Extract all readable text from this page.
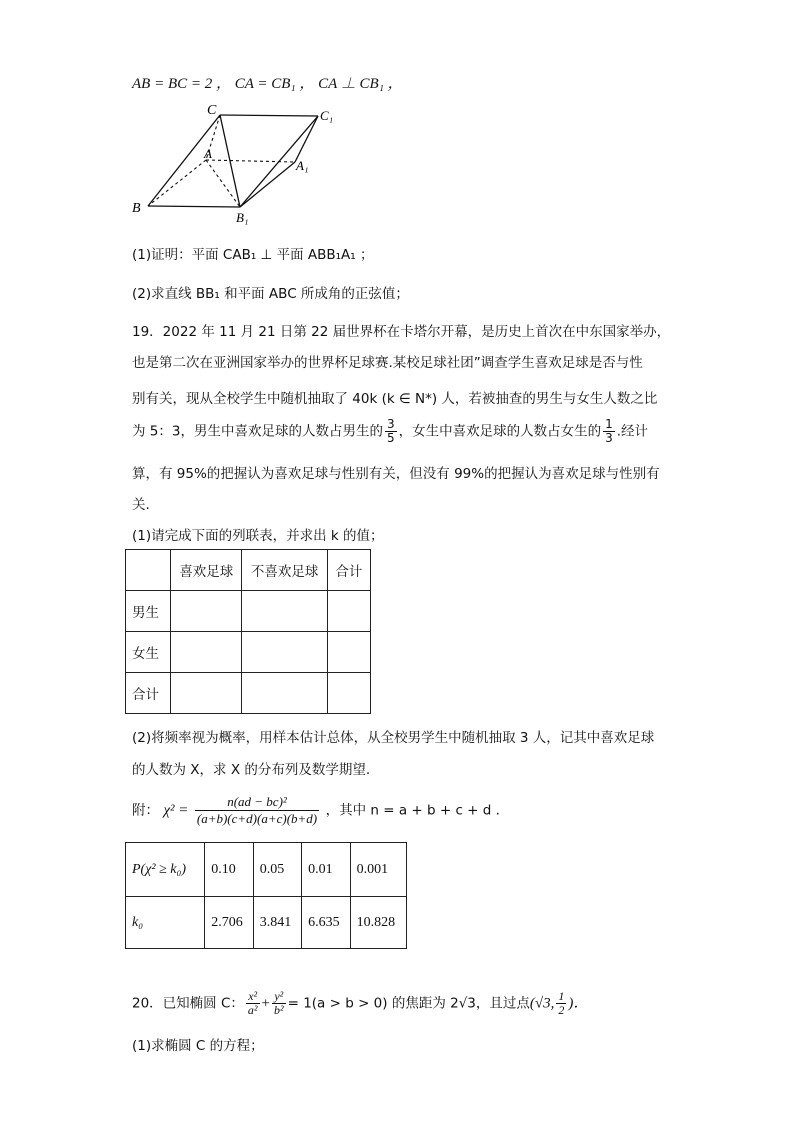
AB = BC = 2 ， CA = CB₁ ， CA ⊥ CB₁ ，
C	C₁
A
A₁
B
B₁
(1)证明：平面 CAB₁ ⊥ 平面 ABB₁A₁ ；
(2)求直线 BB₁ 和平面 ABC 所成角的正弦值；
19．2022 年 11 月 21 日第 22 届世界杯在卡塔尔开幕，是历史上首次在中东国家举办，
也是第二次在亚洲国家举办的世界杯足球赛.某校足球社团”调查学生喜欢足球是否与性
别有关，现从全校学生中随机抽取了 40k (k ∈ N*) 人，若被抽查的男生与女生人数之比
为 5：3，男生中喜欢足球的人数占男生的 $\frac{3}{5}$ ，女生中喜欢足球的人数占女生的 $\frac{1}{3}$ .经计
算，有 95%的把握认为喜欢足球与性别有关，但没有 99%的把握认为喜欢足球与性别有
关.
(1)请完成下面的列联表，并求出 k 的值；
	喜欢足球	不喜欢足球	合计
男生			
女生			
合计			
(2)将频率视为概率，用样本估计总体，从全校男学生中随机抽取 3 人，记其中喜欢足球
的人数为 X，求 X 的分布列及数学期望.
附： $\chi^2 = \frac{\text{n(ad − bc)²}}{(a+b)(c+d)(a+c)(b+d)}$ ，其中 n = a + b + c + d .
P(χ² ≥ k₀)	0.10	0.05	0.01	0.001
k₀	2.706	3.841	6.635	10.828
20．已知椭圆 C： $\frac{\text{x²}}{\text{a²}} + \frac{\text{y²}}{\text{b²}} = 1(a > b > 0)$ 的焦距为 2√3，且过点(√3, $\frac{1}{2}$ )．
(1)求椭圆 C 的方程；
